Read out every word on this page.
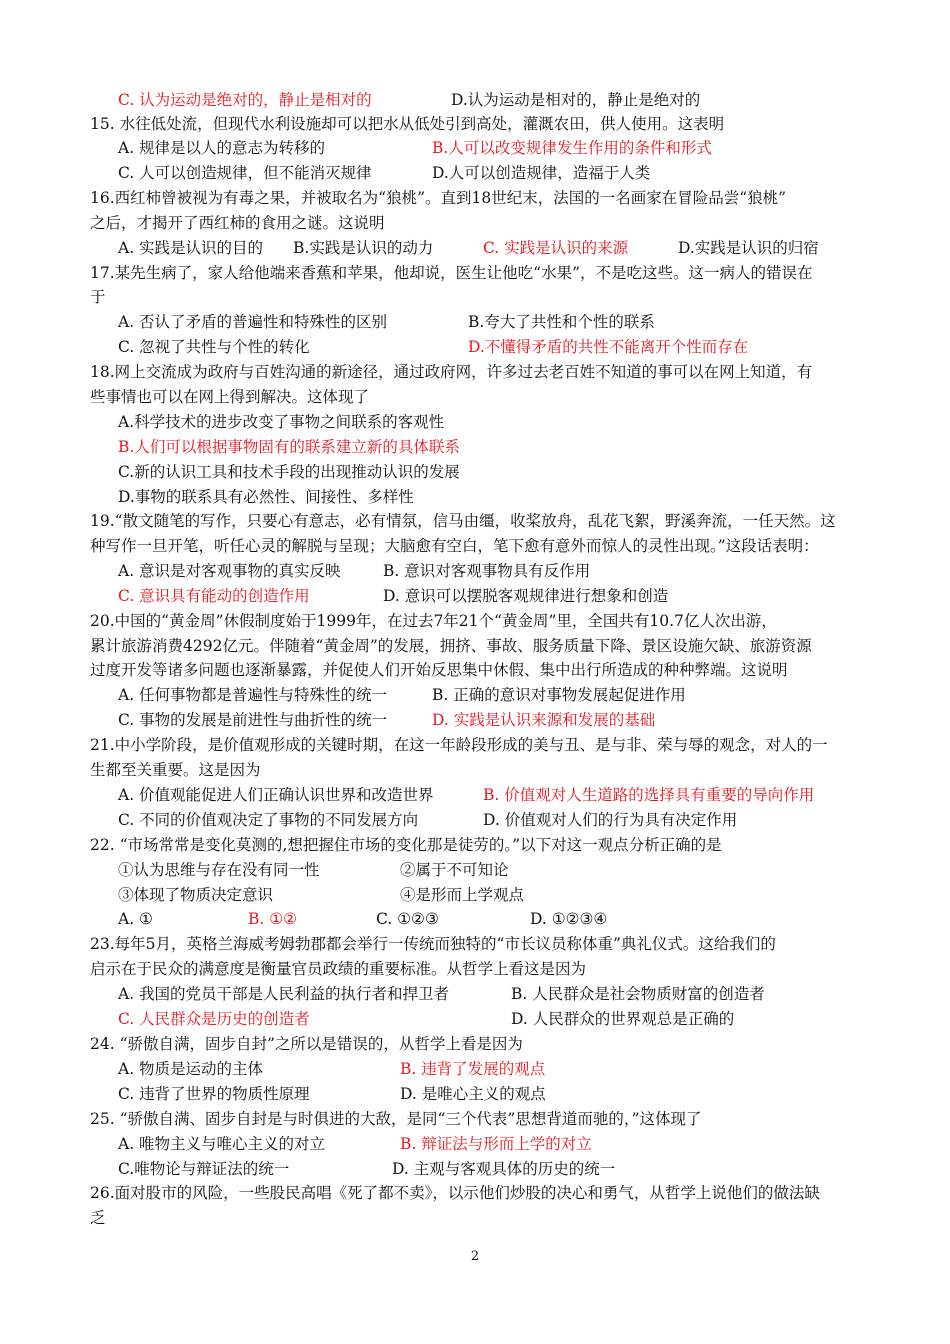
C. 认为运动是绝对的，静止是相对的	D.认为运动是相对的，静止是绝对的
15. 水往低处流，但现代水利设施却可以把水从低处引到高处，灌溉农田，供人使用。这表明
A. 规律是以人的意志为转移的	B.人可以改变规律发生作用的条件和形式
C. 人可以创造规律，但不能消灭规律	D.人可以创造规律，造福于人类
16.西红柿曾被视为有毒之果，并被取名为“狼桃”。直到18世纪末，法国的一名画家在冒险品尝“狼桃”
之后，才揭开了西红柿的食用之谜。这说明
A. 实践是认识的目的 B.实践是认识的动力	C. 实践是认识的来源	D.实践是认识的归宿
17.某先生病了，家人给他端来香蕉和苹果，他却说，医生让他吃“水果”，不是吃这些。这一病人的错误在
于
A. 否认了矛盾的普遍性和特殊性的区别	B.夸大了共性和个性的联系
C. 忽视了共性与个性的转化	D.不懂得矛盾的共性不能离开个性而存在
18.网上交流成为政府与百姓沟通的新途径，通过政府网，许多过去老百姓不知道的事可以在网上知道，有
些事情也可以在网上得到解决。这体现了
A.科学技术的进步改变了事物之间联系的客观性
B.人们可以根据事物固有的联系建立新的具体联系
C.新的认识工具和技术手段的出现推动认识的发展
D.事物的联系具有必然性、间接性、多样性
19.“散文随笔的写作，只要心有意志，必有情氛，信马由缰，收桨放舟，乱花飞絮，野溪奔流，一任天然。这
种写作一旦开笔，听任心灵的解脱与呈现；大脑愈有空白，笔下愈有意外而惊人的灵性出现。”这段话表明：
A. 意识是对客观事物的真实反映	B. 意识对客观事物具有反作用
C. 意识具有能动的创造作用	D. 意识可以摆脱客观规律进行想象和创造
20.中国的“黄金周”休假制度始于1999年，在过去7年21个“黄金周”里，全国共有10.7亿人次出游，
累计旅游消费4292亿元。伴随着“黄金周”的发展，拥挤、事故、服务质量下降、景区设施欠缺、旅游资源
过度开发等诸多问题也逐渐暴露，并促使人们开始反思集中休假、集中出行所造成的种种弊端。这说明
A. 任何事物都是普遍性与特殊性的统一	B. 正确的意识对事物发展起促进作用
C. 事物的发展是前进性与曲折性的统一	D. 实践是认识来源和发展的基础
21.中小学阶段，是价值观形成的关键时期，在这一年龄段形成的美与丑、是与非、荣与辱的观念，对人的一
生都至关重要。这是因为
A. 价值观能促进人们正确认识世界和改造世界	B. 价值观对人生道路的选择具有重要的导向作用
C. 不同的价值观决定了事物的不同发展方向	D. 价值观对人们的行为具有决定作用
22. “市场常常是变化莫测的,想把握住市场的变化那是徒劳的。”以下对这一观点分析正确的是
①认为思维与存在没有同一性	②属于不可知论
③体现了物质决定意识	④是形而上学观点
A. ①	B. ①②	C. ①②③	D. ①②③④
23.每年5月，英格兰海威考姆勃郡都会举行一传统而独特的“市长议员称体重”典礼仪式。这给我们的
启示在于民众的满意度是衡量官员政绩的重要标准。从哲学上看这是因为
A. 我国的党员干部是人民利益的执行者和捍卫者	B. 人民群众是社会物质财富的创造者
C. 人民群众是历史的创造者	D. 人民群众的世界观总是正确的
24. “骄傲自满，固步自封”之所以是错误的，从哲学上看是因为
A. 物质是运动的主体	B. 违背了发展的观点
C. 违背了世界的物质性原理	D. 是唯心主义的观点
25. “骄傲自满、固步自封是与时俱进的大敌，是同“三个代表”思想背道而驰的，”这体现了
A. 唯物主义与唯心主义的对立	B. 辩证法与形而上学的对立
C.唯物论与辩证法的统一	D. 主观与客观具体的历史的统一
26.面对股市的风险，一些股民高唱《死了都不卖》，以示他们炒股的决心和勇气，从哲学上说他们的做法缺
乏
2
